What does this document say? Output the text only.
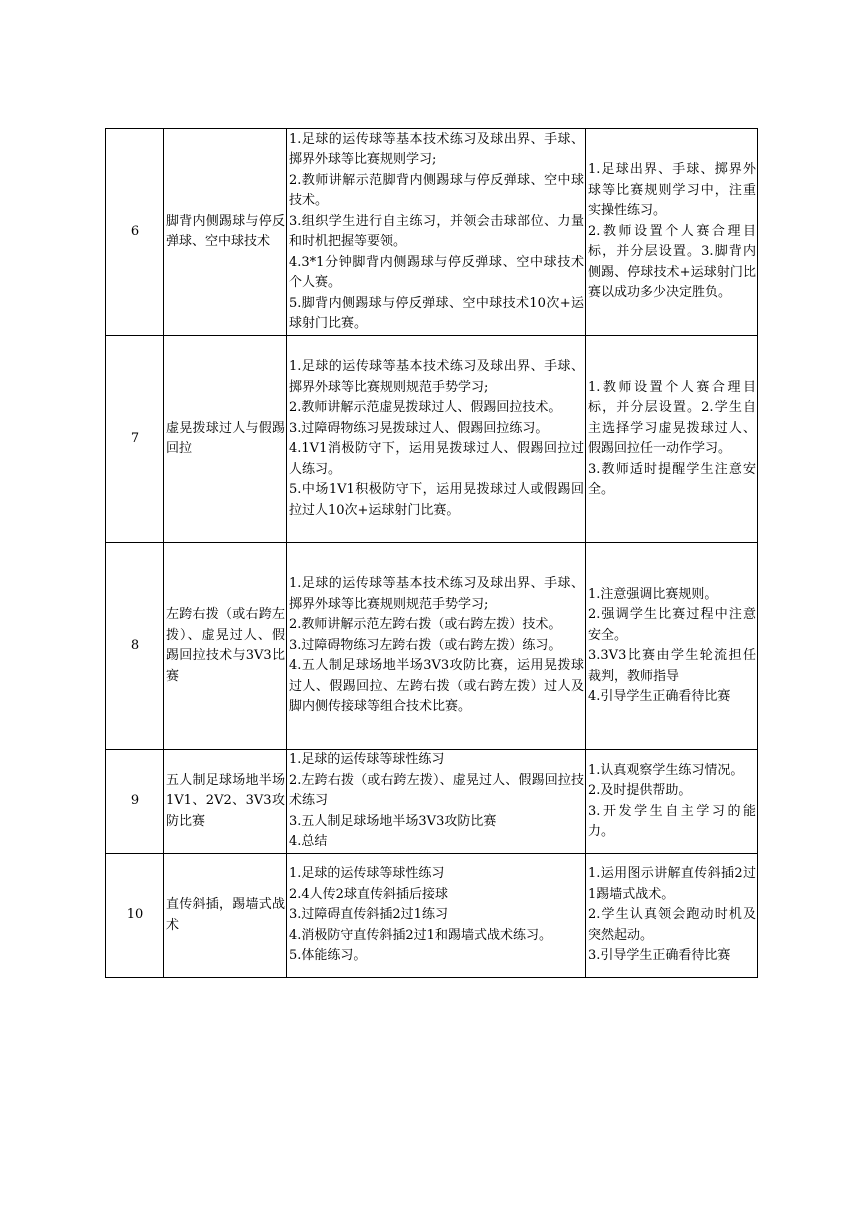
6	脚背内侧踢球与停反弹球、空中球技术	1.足球的运传球等基本技术练习及球出界、手球、掷界外球等比赛规则学习;
2.教师讲解示范脚背内侧踢球与停反弹球、空中球技术。
3.组织学生进行自主练习，并领会击球部位、力量和时机把握等要领。
4.3*1分钟脚背内侧踢球与停反弹球、空中球技术个人赛。
5.脚背内侧踢球与停反弹球、空中球技术10次+运球射门比赛。	1.足球出界、手球、掷界外球等比赛规则学习中，注重实操性练习。
2.教师设置个人赛合理目标，并分层设置。3.脚背内侧踢、停球技术+运球射门比赛以成功多少决定胜负。

7	虚晃拨球过人与假踢回拉	1.足球的运传球等基本技术练习及球出界、手球、掷界外球等比赛规则规范手势学习;
2.教师讲解示范虚晃拨球过人、假踢回拉技术。
3.过障碍物练习晃拨球过人、假踢回拉练习。
4.1V1消极防守下，运用晃拨球过人、假踢回拉过人练习。
5.中场1V1积极防守下，运用晃拨球过人或假踢回拉过人10次+运球射门比赛。	1.教师设置个人赛合理目标，并分层设置。2.学生自主选择学习虚晃拨球过人、假踢回拉任一动作学习。
3.教师适时提醒学生注意安全。

8	左跨右拨（或右跨左拨）、虚晃过人、假踢回拉技术与3V3比赛	1.足球的运传球等基本技术练习及球出界、手球、掷界外球等比赛规则规范手势学习;
2.教师讲解示范左跨右拨（或右跨左拨）技术。
3.过障碍物练习左跨右拨（或右跨左拨）练习。
4.五人制足球场地半场3V3攻防比赛，运用晃拨球过人、假踢回拉、左跨右拨（或右跨左拨）过人及脚内侧传接球等组合技术比赛。	1.注意强调比赛规则。
2.强调学生比赛过程中注意安全。
3.3V3比赛由学生轮流担任裁判，教师指导
4.引导学生正确看待比赛

9	五人制足球场地半场1V1、2V2、3V3攻防比赛	1.足球的运传球等球性练习
2.左跨右拨（或右跨左拨）、虚晃过人、假踢回拉技术练习
3.五人制足球场地半场3V3攻防比赛
4.总结	1.认真观察学生练习情况。
2.及时提供帮助。
3.开发学生自主学习的能力。

10	直传斜插，踢墙式战术	1.足球的运传球等球性练习
2.4人传2球直传斜插后接球
3.过障碍直传斜插2过1练习
4.消极防守直传斜插2过1和踢墙式战术练习。
5.体能练习。	1.运用图示讲解直传斜插2过1踢墙式战术。
2.学生认真领会跑动时机及突然起动。
3.引导学生正确看待比赛
